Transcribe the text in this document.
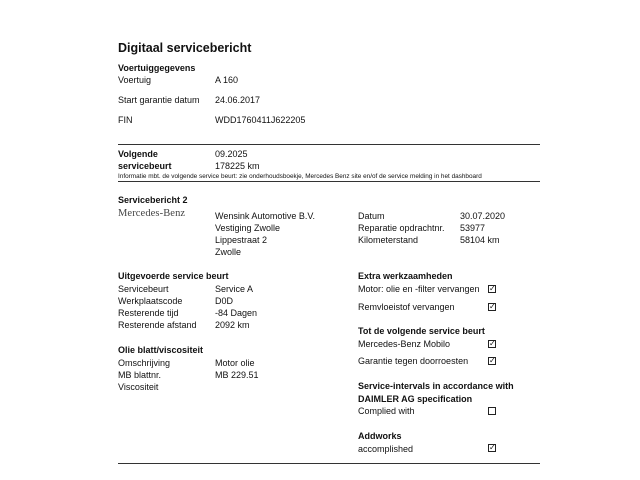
Digitaal servicebericht
Voertuiggegevens
Voertuig	A 160
Start garantie datum 24.06.2017
FIN	WDD1760411J622205
Volgende
servicebeurt
09.2025
178225 km
Informatie mbt. de volgende service beurt: zie onderhoudsboekje, Mercedes Benz site en/of de service melding in het dashboard
Servicebericht 2
Mercedes-Benz	Wensink Automotive B.V.
Vestiging Zwolle
Lippestraat 2
Zwolle
Datum	30.07.2020
Reparatie opdrachtnr. 53977
Kilometerstand	58104 km
Uitgevoerde service beurt
Servicebeurt	Service A
Werkplaatscode	D0D
Resterende tijd	-84 Dagen
Resterende afstand 2092 km
Olie blatt/viscositeit
Omschrijving	Motor olie
MB blattnr.	MB 229.51
Viscositeit
Extra werkzaamheden
Motor: olie en -filter vervangen ✓
Remvloeistof vervangen	✓
Tot de volgende service beurt
Mercedes-Benz Mobilo	✓
Garantie tegen doorroesten	✓
Service-intervals in accordance with
DAIMLER AG specification
Complied with
Addworks
accomplished	✓
